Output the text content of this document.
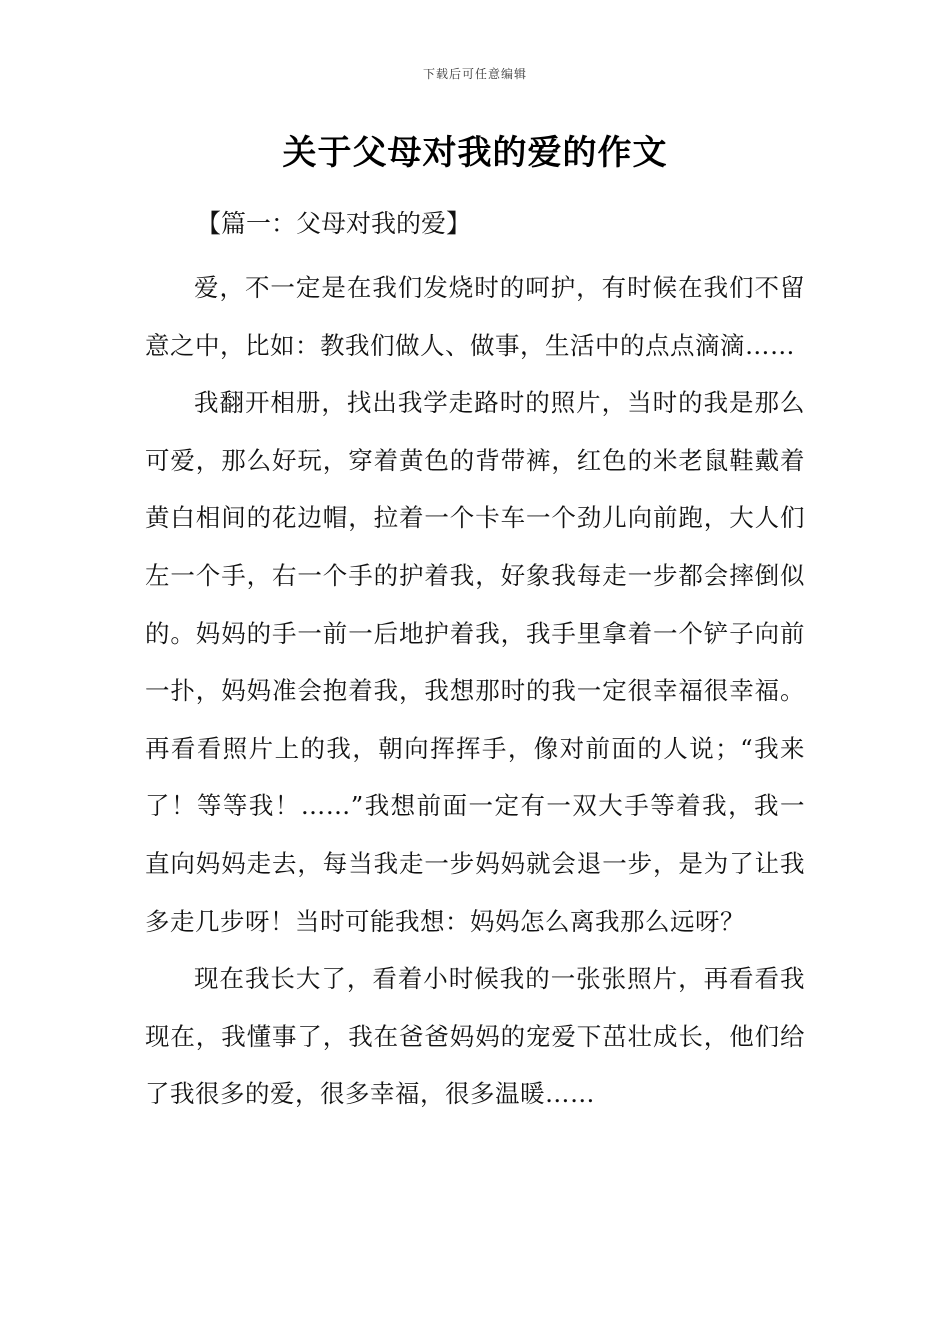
下载后可任意编辑
关于父母对我的爱的作文
【篇一：父母对我的爱】

爱，不一定是在我们发烧时的呵护，有时候在我们不留意之中，比如：教我们做人、做事，生活中的点点滴滴……

我翻开相册，找出我学走路时的照片，当时的我是那么可爱，那么好玩，穿着黄色的背带裤，红色的米老鼠鞋戴着黄白相间的花边帽，拉着一个卡车一个劲儿向前跑，大人们左一个手，右一个手的护着我，好象我每走一步都会摔倒似的。妈妈的手一前一后地护着我，我手里拿着一个铲子向前一扑，妈妈准会抱着我，我想那时的我一定很幸福很幸福。再看看照片上的我，朝向挥挥手，像对前面的人说；“我来了！等等我！……”我想前面一定有一双大手等着我，我一直向妈妈走去，每当我走一步妈妈就会退一步，是为了让我多走几步呀！当时可能我想：妈妈怎么离我那么远呀？

现在我长大了，看着小时候我的一张张照片，再看看我现在，我懂事了，我在爸爸妈妈的宠爱下茁壮成长，他们给了我很多的爱，很多幸福，很多温暖……
